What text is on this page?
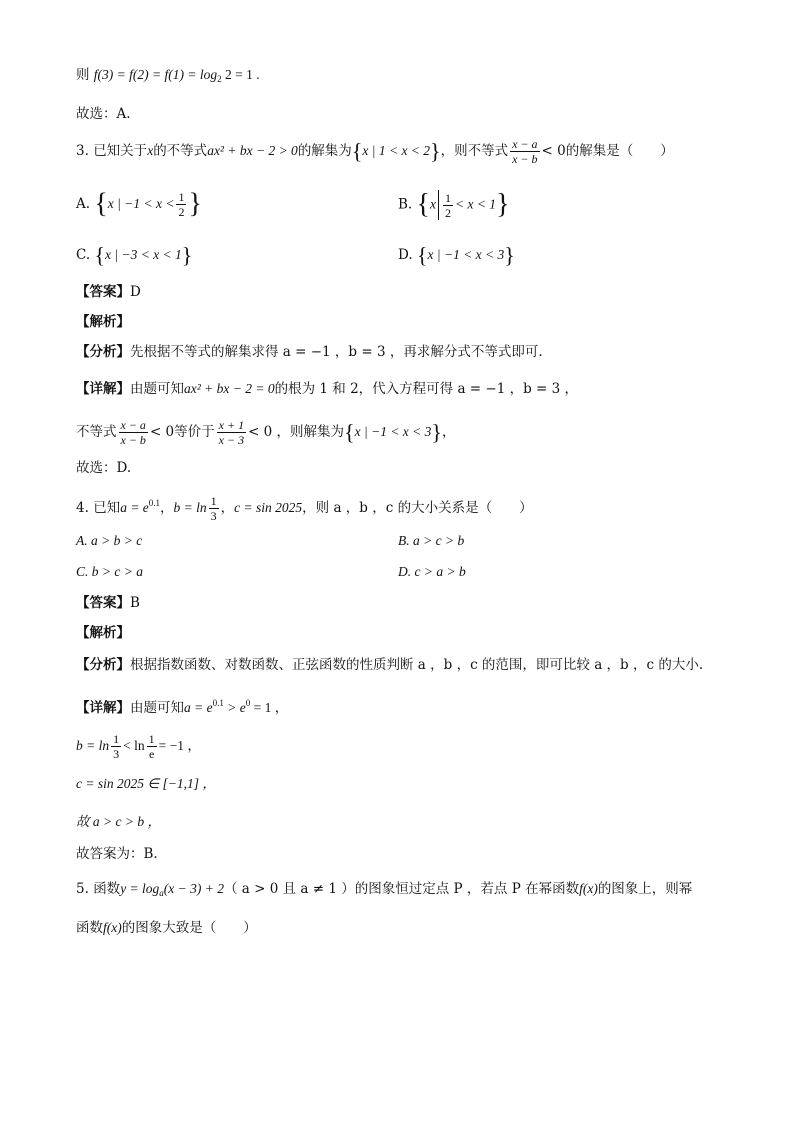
则 $f(3) = f(2) = f(1) = \log_2 2 = 1$ .
故选：A.
3. 已知关于x的不等式ax² + bx − 2 > 0的解集为{x | 1 < x < 2}，则不等式 $\frac{x - a}{x - b} < 0$的解集是（　　）
A. {x | $-1 < x < \frac{1}{2}$ }	B. $\{x \frac{1}{2} < x < 1\}$
C. {x | −3 < x < 1}	D. {x | −1 < x < 3}
【答案】D
【解析】
【分析】先根据不等式的解集求得 a = −1 ，b = 3 ，再求解分式不等式即可.
【详解】由题可知ax² + bx − 2 = 0的根为 1 和 2，代入方程可得 a = −1 ，b = 3 ，
不等式 $\frac{x - a}{x - b} < 0$等价于 $\frac{x + 1}{x - 3} < 0$ ，则解集为{x | −1 < x < 3}，
故选：D.
4. 已知$a = e^{0.1}$，$b = \ln \frac{1}{3}$ ，c = sin 2025，则 a ，b ，c 的大小关系是（　　）
A. a > b > c	B. a > c > b
C. b > c > a	D. c > a > b
【答案】B
【解析】
【分析】根据指数函数、对数函数、正弦函数的性质判断 a ，b ，c 的范围，即可比较 a ，b ，c 的大小.
【详解】由题可知$a = e^{0.1} > e^0 = 1$ ，
$b = \ln \frac{1}{3} < \ln \frac{1}{e} = -1$ ，
c = sin 2025 ∈ [−1,1] ，
故 a > c > b ，
故答案为：B.
5. 函数$y = \log_a(x - 3) + 2$（ a > 0 且 a ≠ 1 ）的图象恒过定点 P ，若点 P 在幂函数f(x)的图象上，则幂
函数f(x)的图象大致是（　　）
